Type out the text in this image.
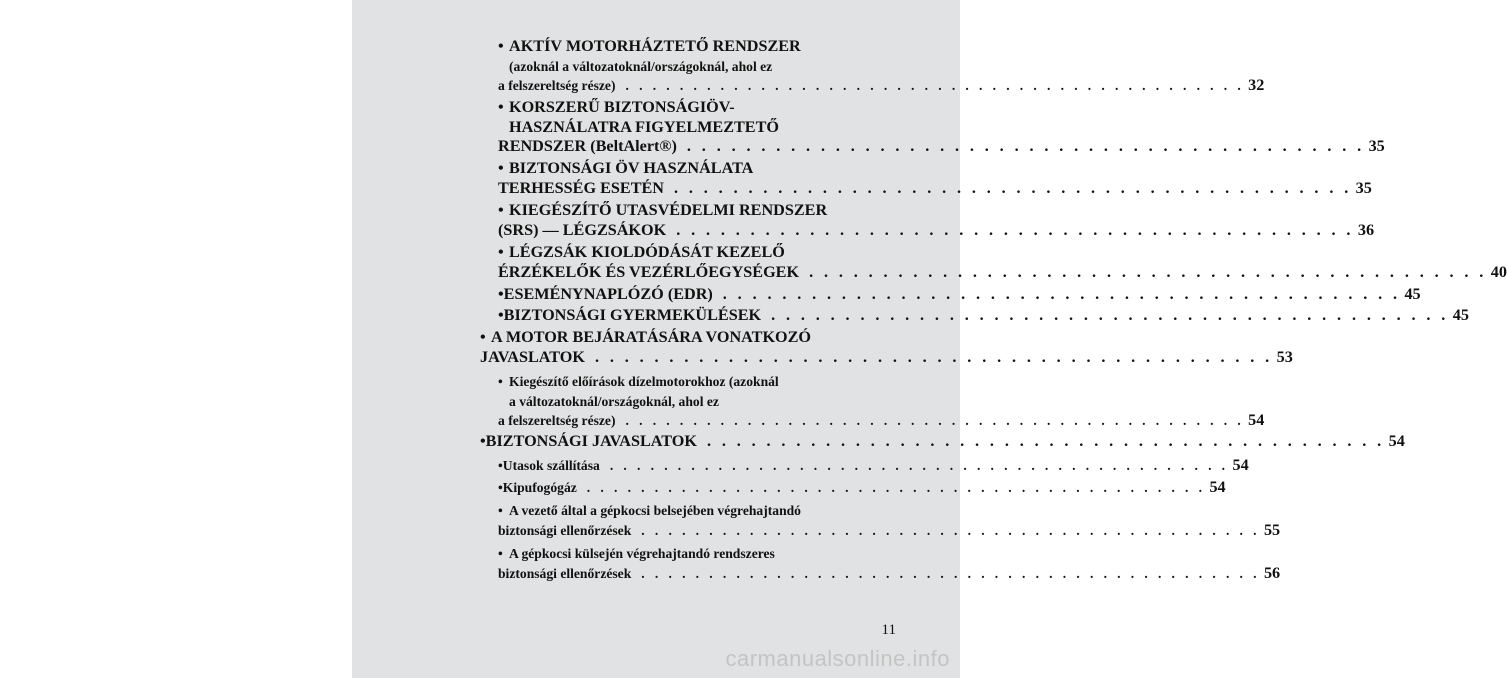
• AKTÍV MOTORHÁZTETŐ RENDSZER
(azoknál a változatoknál/országoknál, ahol ez
a felszereltség része) . . . . . . . . . . . . . . . . . . . . . . . . . . . . . . . . . . . . . . . . . . . . . . 32
• KORSZERŰ BIZTONSÁGIÖV-
HASZNÁLATRA FIGYELMEZTETŐ
RENDSZER (BeltAlert®) . . . . . . . . . . . . . . . . . . . . . . . . . . . . . . . . . . . . . . . . . . . . . . 35
• BIZTONSÁGI ÖV HASZNÁLATA
TERHESSÉG ESETÉN . . . . . . . . . . . . . . . . . . . . . . . . . . . . . . . . . . . . . . . . . . . . . . 35
• KIEGÉSZÍTŐ UTASVÉDELMI RENDSZER
(SRS) — LÉGZSÁKOK . . . . . . . . . . . . . . . . . . . . . . . . . . . . . . . . . . . . . . . . . . . . . . 36
• LÉGZSÁK KIOLDÓDÁSÁT KEZELŐ
ÉRZÉKELŐK ÉS VEZÉRLŐEGYSÉGEK . . . . . . . . . . . . . . . . . . . . . . . . . . . . . . . . . . . . . . . . . . . . . . 40
• ESEMÉNYNAPLÓZÓ (EDR) . . . . . . . . . . . . . . . . . . . . . . . . . . . . . . . . . . . . . . . . . . . . . . 45
• BIZTONSÁGI GYERMEKÜLÉSEK . . . . . . . . . . . . . . . . . . . . . . . . . . . . . . . . . . . . . . . . . . . . . . 45
• A MOTOR BEJÁRATÁSÁRA VONATKOZÓ
JAVASLATOK . . . . . . . . . . . . . . . . . . . . . . . . . . . . . . . . . . . . . . . . . . . . . . 53
• Kiegészítő előírások dízelmotorokhoz (azoknál
a változatoknál/országoknál, ahol ez
a felszereltség része) . . . . . . . . . . . . . . . . . . . . . . . . . . . . . . . . . . . . . . . . . . . . . . 54
• BIZTONSÁGI JAVASLATOK . . . . . . . . . . . . . . . . . . . . . . . . . . . . . . . . . . . . . . . . . . . . . . 54
• Utasok szállítása . . . . . . . . . . . . . . . . . . . . . . . . . . . . . . . . . . . . . . . . . . . . . . 54
• Kipufogógáz . . . . . . . . . . . . . . . . . . . . . . . . . . . . . . . . . . . . . . . . . . . . . . 54
• A vezető által a gépkocsi belsejében végrehajtandó
biztonsági ellenőrzések . . . . . . . . . . . . . . . . . . . . . . . . . . . . . . . . . . . . . . . . . . . . . . 55
• A gépkocsi külsején végrehajtandó rendszeres
biztonsági ellenőrzések . . . . . . . . . . . . . . . . . . . . . . . . . . . . . . . . . . . . . . . . . . . . . . 56
11
carmanualsonline.info
